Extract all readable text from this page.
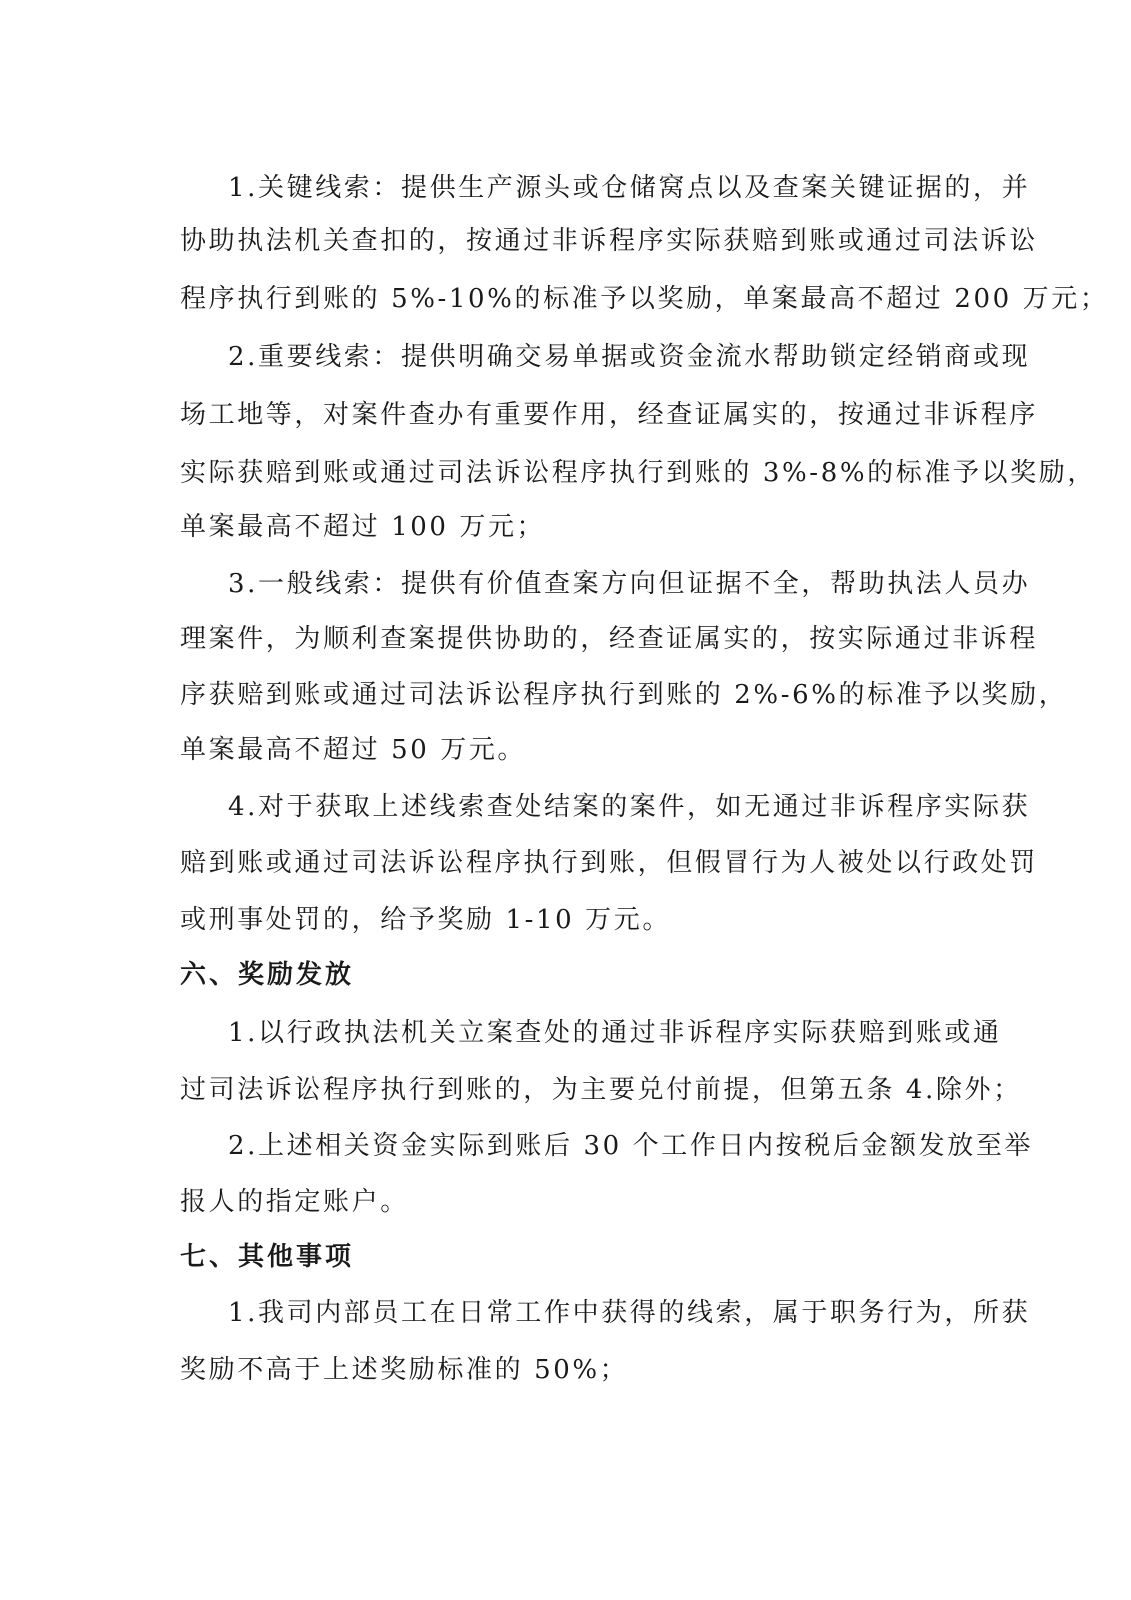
1.关键线索：提供生产源头或仓储窝点以及查案关键证据的，并

协助执法机关查扣的，按通过非诉程序实际获赔到账或通过司法诉讼

程序执行到账的 5%-10%的标准予以奖励，单案最高不超过 200 万元；

2.重要线索：提供明确交易单据或资金流水帮助锁定经销商或现

场工地等，对案件查办有重要作用，经查证属实的，按通过非诉程序

实际获赔到账或通过司法诉讼程序执行到账的 3%-8%的标准予以奖励，

单案最高不超过 100 万元；

3.一般线索：提供有价值查案方向但证据不全，帮助执法人员办

理案件，为顺利查案提供协助的，经查证属实的，按实际通过非诉程

序获赔到账或通过司法诉讼程序执行到账的 2%-6%的标准予以奖励，

单案最高不超过 50 万元。

4.对于获取上述线索查处结案的案件，如无通过非诉程序实际获

赔到账或通过司法诉讼程序执行到账，但假冒行为人被处以行政处罚

或刑事处罚的，给予奖励 1-10 万元。

六、奖励发放

1.以行政执法机关立案查处的通过非诉程序实际获赔到账或通

过司法诉讼程序执行到账的，为主要兑付前提，但第五条 4.除外；

2.上述相关资金实际到账后 30 个工作日内按税后金额发放至举

报人的指定账户。

七、其他事项

1.我司内部员工在日常工作中获得的线索，属于职务行为，所获

奖励不高于上述奖励标准的 50%；
